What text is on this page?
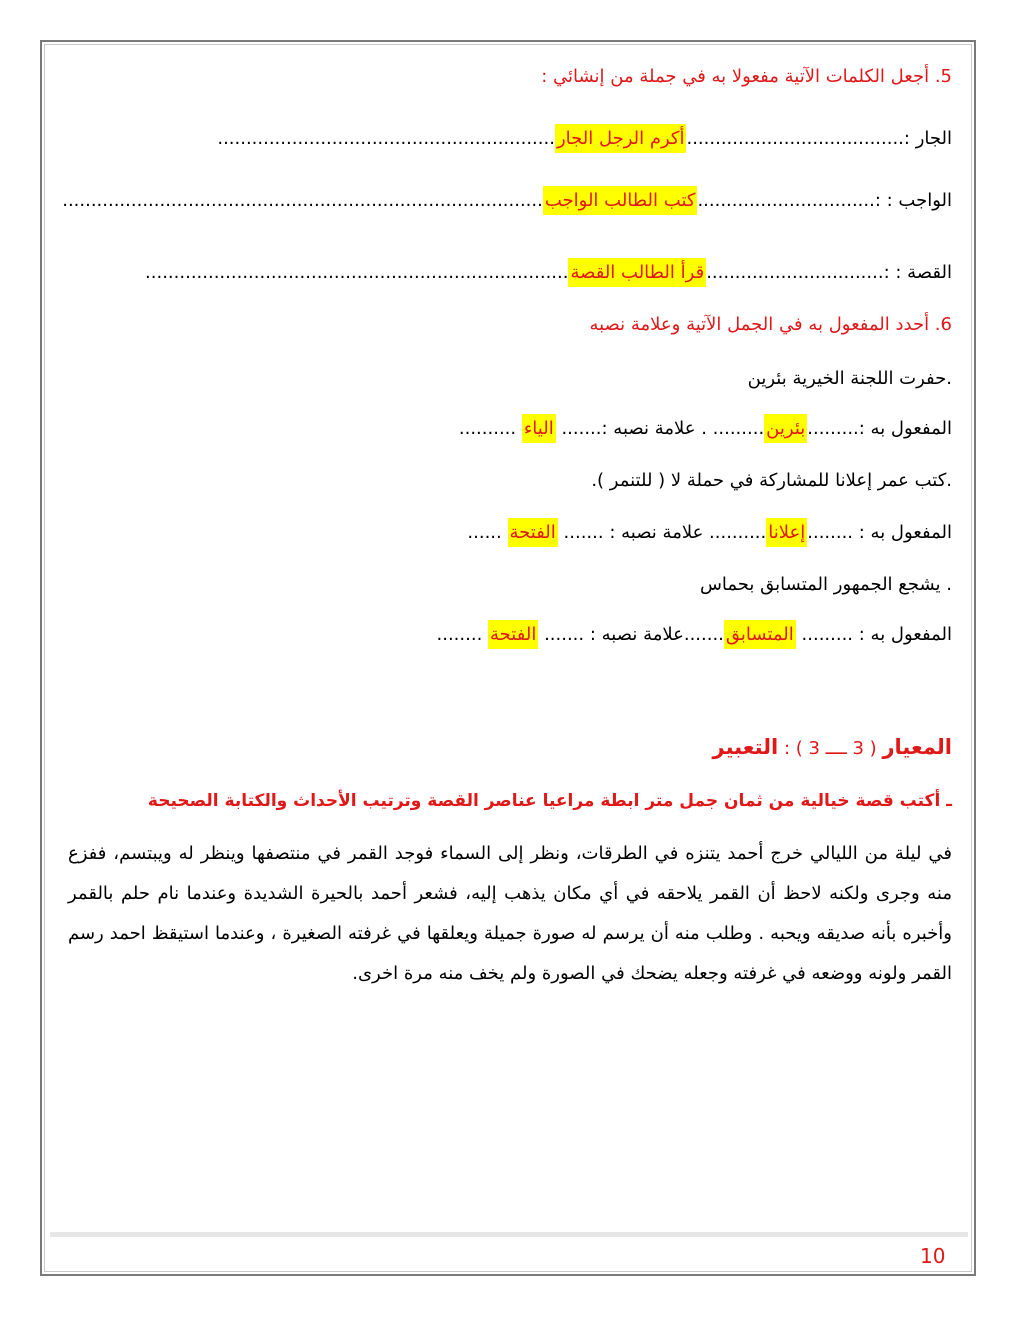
5. أجعل الكلمات الآتية مفعولا به في جملة من إنشائي :
الجار :......................................أكرم الرجل الجار...........................................................
الواجب : :...............................كتب الطالب الواجب....................................................................................
القصة : :...............................قرأ الطالب القصة..........................................................................
6. أحدد المفعول به في الجمل الآتية وعلامة نصبه
.حفرت اللجنة الخيرية بئرين
المفعول به :.........بئرين......... . علامة نصبه :....... الياء ..........
.كتب عمر إعلانا للمشاركة في حملة لا ( للتنمر ).
المفعول به : ........إعلانا.......... علامة نصبه : ....... الفتحة ......
. يشجع الجمهور المتسابق بحماس
المفعول به : ......... المتسابق.......علامة نصبه : ....... الفتحة ........
المعيار ( 3 ــــ 3 ) : التعبير
ـ أكتب قصة خيالية من ثمان جمل متر ابطة مراعيا عناصر القصة وترتيب الأحداث والكتابة الصحيحة
في ليلة من الليالي خرج أحمد يتنزه في الطرقات، ونظر إلى السماء فوجد القمر في منتصفها وينظر له ويبتسم، ففزع منه وجرى ولكنه لاحظ أن القمر يلاحقه في أي مكان يذهب إليه، فشعر أحمد بالحيرة الشديدة وعندما نام حلم بالقمر وأخبره بأنه صديقه ويحبه . وطلب منه أن يرسم له صورة جميلة ويعلقها في غرفته الصغيرة ، وعندما استيقظ احمد رسم القمر ولونه ووضعه في غرفته وجعله يضحك في الصورة ولم يخف منه مرة اخرى.
10
